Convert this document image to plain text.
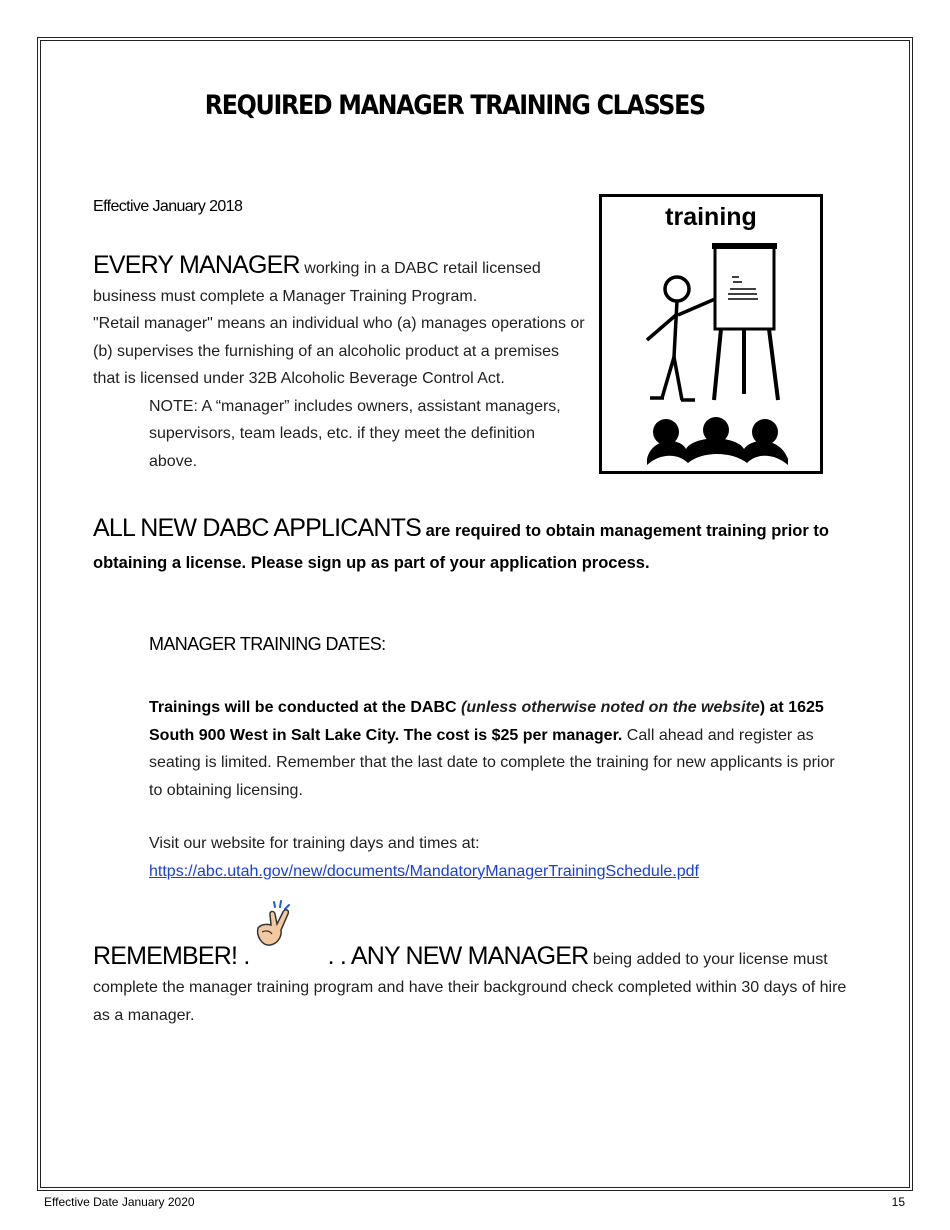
REQUIRED MANAGER TRAINING CLASSES
Effective January 2018

EVERY MANAGER working in a DABC retail licensed business must complete a Manager Training Program.

"Retail manager" means an individual who (a) manages operations or (b) supervises the furnishing of an alcoholic product at a premises that is licensed under 32B Alcoholic Beverage Control Act.

NOTE: A “manager” includes owners, assistant managers, supervisors, team leads, etc. if they meet the definition above.

training
ALL NEW DABC APPLICANTS are required to obtain management training prior to obtaining a license. Please sign up as part of your application process.
MANAGER TRAINING DATES:
Trainings will be conducted at the DABC (unless otherwise noted on the website) at 1625 South 900 West in Salt Lake City. The cost is $25 per manager. Call ahead and register as seating is limited. Remember that the last date to complete the training for new applicants is prior to obtaining licensing.
Visit our website for training days and times at:
https://abc.utah.gov/new/documents/MandatoryManagerTrainingSchedule.pdf
REMEMBER! .	. . ANY NEW MANAGER being added to your license must complete the manager training program and have their background check completed within 30 days of hire as a manager.
Effective Date January 2020	15
